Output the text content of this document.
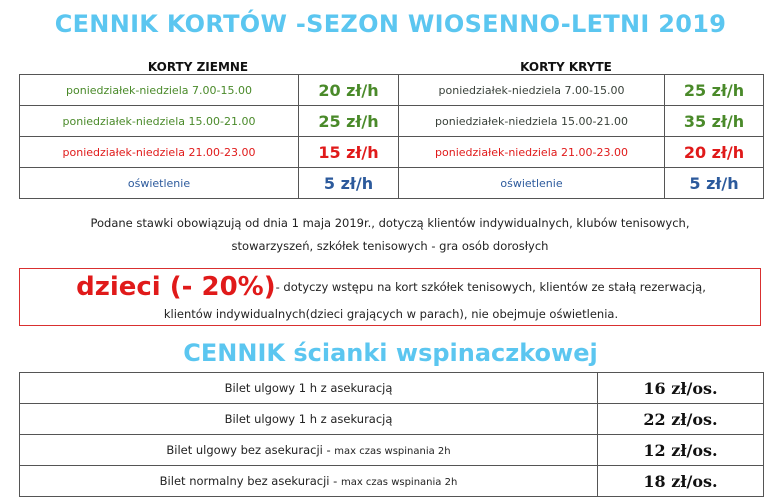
CENNIK KORTÓW -SEZON WIOSENNO-LETNI 2019
KORTY ZIEMNE	KORTY KRYTE
poniedziałek-niedziela 7.00-15.00	20 zł/h	poniedziałek-niedziela 7.00-15.00	25 zł/h
poniedziałek-niedziela 15.00-21.00	25 zł/h	poniedziałek-niedziela 15.00-21.00	35 zł/h
poniedziałek-niedziela 21.00-23.00	15 zł/h	poniedziałek-niedziela 21.00-23.00	20 zł/h
oświetlenie	5 zł/h	oświetlenie	5 zł/h
Podane stawki obowiązują od dnia 1 maja 2019r., dotyczą klientów indywidualnych, klubów tenisowych,
stowarzyszeń, szkółek tenisowych - gra osób dorosłych
dzieci (- 20%)- dotyczy wstępu na kort szkółek tenisowych, klientów ze stałą rezerwacją,
klientów indywidualnych(dzieci grających w parach), nie obejmuje oświetlenia.
CENNIK ścianki wspinaczkowej
Bilet ulgowy 1 h z asekuracją	16 zł/os.
Bilet ulgowy 1 h z asekuracją	22 zł/os.
Bilet ulgowy bez asekuracji - max czas wspinania 2h	12 zł/os.
Bilet normalny bez asekuracji - max czas wspinania 2h	18 zł/os.
